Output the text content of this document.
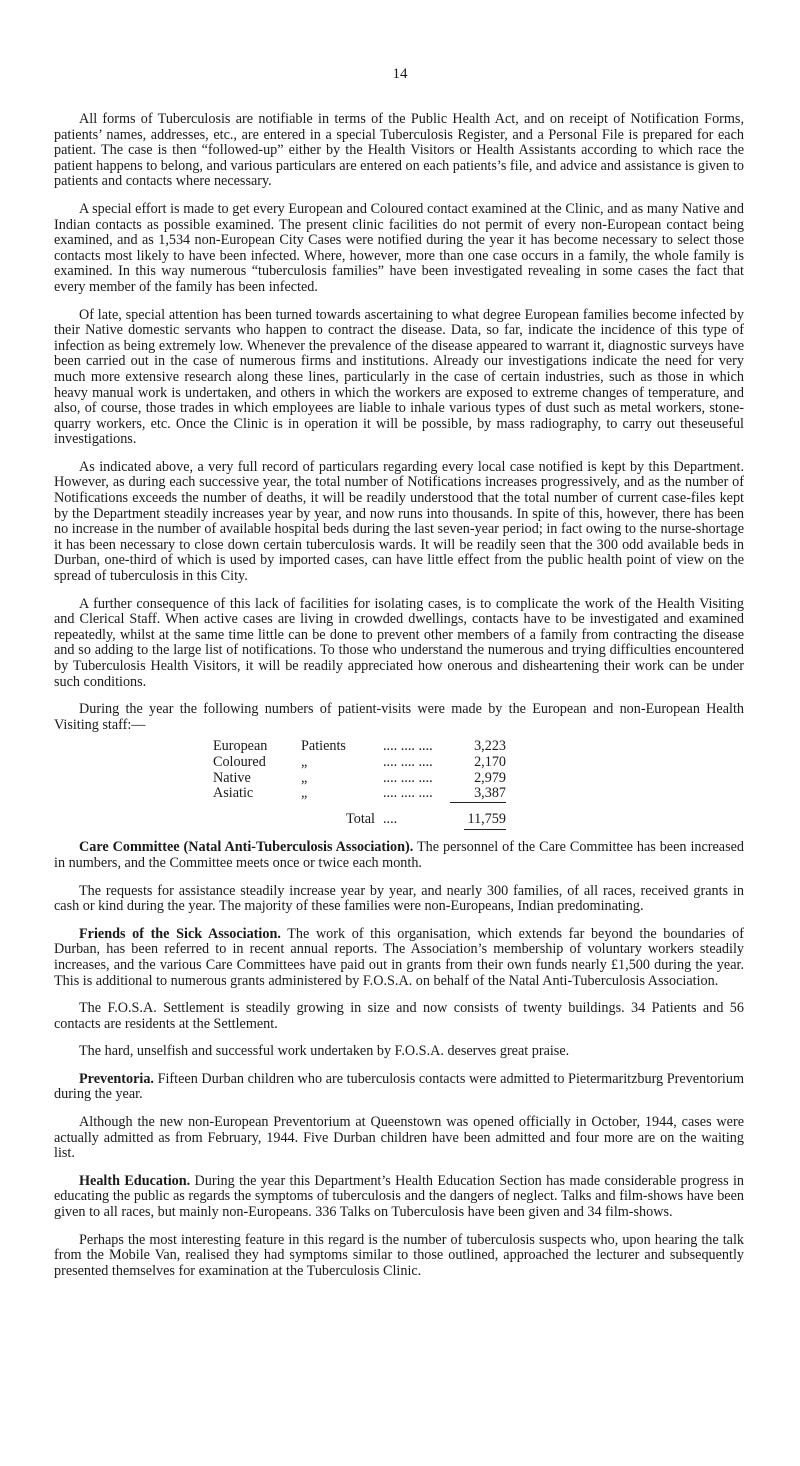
14

All forms of Tuberculosis are notifiable in terms of the Public Health Act, and on receipt of Notification Forms, patients’ names, addresses, etc., are entered in a special Tuberculosis Register, and a Personal File is prepared for each patient. The case is then “followed-up” either by the Health Visitors or Health Assistants according to which race the patient happens to belong, and various particulars are entered on each patients’s file, and advice and assistance is given to patients and contacts where necessary.

A special effort is made to get every European and Coloured contact examined at the Clinic, and as many Native and Indian contacts as possible examined. The present clinic facilities do not permit of every non-European contact being examined, and as 1,534 non-European City Cases were notified during the year it has become necessary to select those contacts most likely to have been infected. Where, however, more than one case occurs in a family, the whole family is examined. In this way numerous “tuberculosis families” have been investigated revealing in some cases the fact that every member of the family has been infected.

Of late, special attention has been turned towards ascertaining to what degree European families become infected by their Native domestic servants who happen to contract the disease. Data, so far, indicate the incidence of this type of infection as being extremely low. Whenever the prevalence of the disease appeared to warrant it, diagnostic surveys have been carried out in the case of numerous firms and institutions. Already our investigations indicate the need for very much more extensive research along these lines, particularly in the case of certain industries, such as those in which heavy manual work is undertaken, and others in which the workers are exposed to extreme changes of temperature, and also, of course, those trades in which employees are liable to inhale various types of dust such as metal workers, stone-quarry workers, etc. Once the Clinic is in operation it will be possible, by mass radiography, to carry out theseuseful investigations.

As indicated above, a very full record of particulars regarding every local case notified is kept by this Department. However, as during each successive year, the total number of Notifications increases progressively, and as the number of Notifications exceeds the number of deaths, it will be readily understood that the total number of current case-files kept by the Department steadily increases year by year, and now runs into thousands. In spite of this, however, there has been no increase in the number of available hospital beds during the last seven-year period; in fact owing to the nurse-shortage it has been necessary to close down certain tuberculosis wards. It will be readily seen that the 300 odd available beds in Durban, one-third of which is used by imported cases, can have little effect from the public health point of view on the spread of tuberculosis in this City.

A further consequence of this lack of facilities for isolating cases, is to complicate the work of the Health Visiting and Clerical Staff. When active cases are living in crowded dwellings, contacts have to be investigated and examined repeatedly, whilst at the same time little can be done to prevent other members of a family from contracting the disease and so adding to the large list of notifications. To those who understand the numerous and trying difficulties encountered by Tuberculosis Health Visitors, it will be readily appreciated how onerous and disheartening their work can be under such conditions.

During the year the following numbers of patient-visits were made by the European and non-European Health Visiting staff:—

European	Patients	.... .... ....	3,223
Coloured	„	.... .... ....	2,170
Native	„	.... .... ....	2,979
Asiatic	„	.... .... ....	3,387
	Total	....	11,759

Care Committee (Natal Anti-Tuberculosis Association). The personnel of the Care Committee has been increased in numbers, and the Committee meets once or twice each month.

The requests for assistance steadily increase year by year, and nearly 300 families, of all races, received grants in cash or kind during the year. The majority of these families were non-Europeans, Indian predominating.

Friends of the Sick Association. The work of this organisation, which extends far beyond the boundaries of Durban, has been referred to in recent annual reports. The Association’s membership of voluntary workers steadily increases, and the various Care Committees have paid out in grants from their own funds nearly £1,500 during the year. This is additional to numerous grants administered by F.O.S.A. on behalf of the Natal Anti-Tuberculosis Association.

The F.O.S.A. Settlement is steadily growing in size and now consists of twenty buildings. 34 Patients and 56 contacts are residents at the Settlement.

The hard, unselfish and successful work undertaken by F.O.S.A. deserves great praise.

Preventoria. Fifteen Durban children who are tuberculosis contacts were admitted to Pietermaritzburg Preventorium during the year.

Although the new non-European Preventorium at Queenstown was opened officially in October, 1944, cases were actually admitted as from February, 1944. Five Durban children have been admitted and four more are on the waiting list.

Health Education. During the year this Department’s Health Education Section has made considerable progress in educating the public as regards the symptoms of tuberculosis and the dangers of neglect. Talks and film-shows have been given to all races, but mainly non-Europeans. 336 Talks on Tuberculosis have been given and 34 film-shows.

Perhaps the most interesting feature in this regard is the number of tuberculosis suspects who, upon hearing the talk from the Mobile Van, realised they had symptoms similar to those outlined, approached the lecturer and subsequently presented themselves for examination at the Tuberculosis Clinic.
